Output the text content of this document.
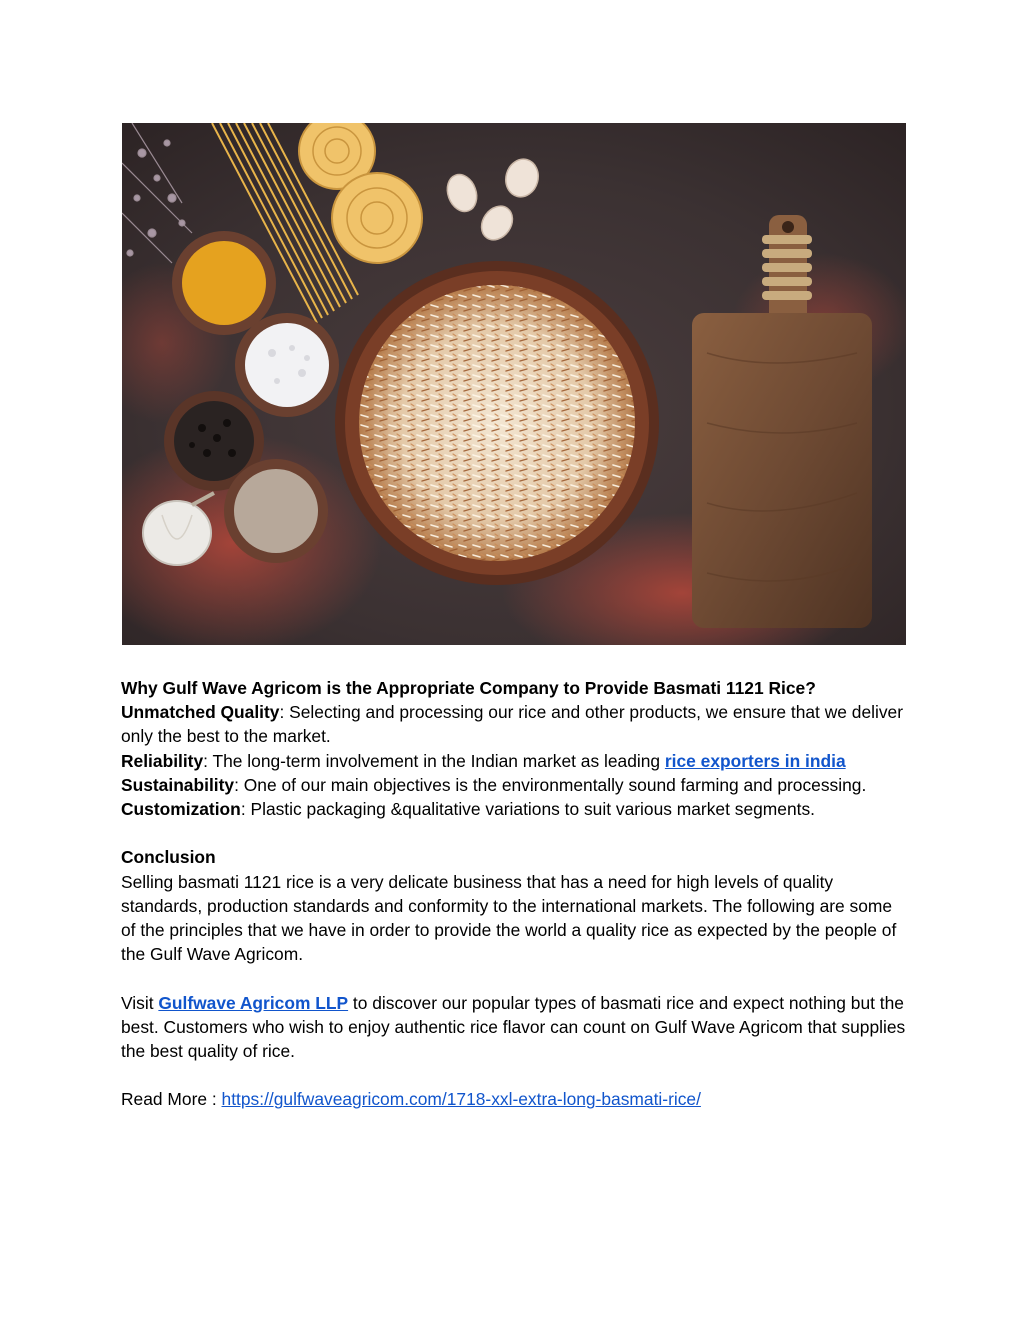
Why Gulf Wave Agricom is the Appropriate Company to Provide Basmati 1121 Rice?

Unmatched Quality: Selecting and processing our rice and other products, we ensure that we deliver only the best to the market.

Reliability: The long-term involvement in the Indian market as leading rice exporters in india

Sustainability: One of our main objectives is the environmentally sound farming and processing.

Customization: Plastic packaging &qualitative variations to suit various market segments.

Conclusion

Selling basmati 1121 rice is a very delicate business that has a need for high levels of quality standards, production standards and conformity to the international markets. The following are some of the principles that we have in order to provide the world a quality rice as expected by the people of the Gulf Wave Agricom.

Visit Gulfwave Agricom LLP to discover our popular types of basmati rice and expect nothing but the best. Customers who wish to enjoy authentic rice flavor can count on Gulf Wave Agricom that supplies the best quality of rice.

Read More : https://gulfwaveagricom.com/1718-xxl-extra-long-basmati-rice/
